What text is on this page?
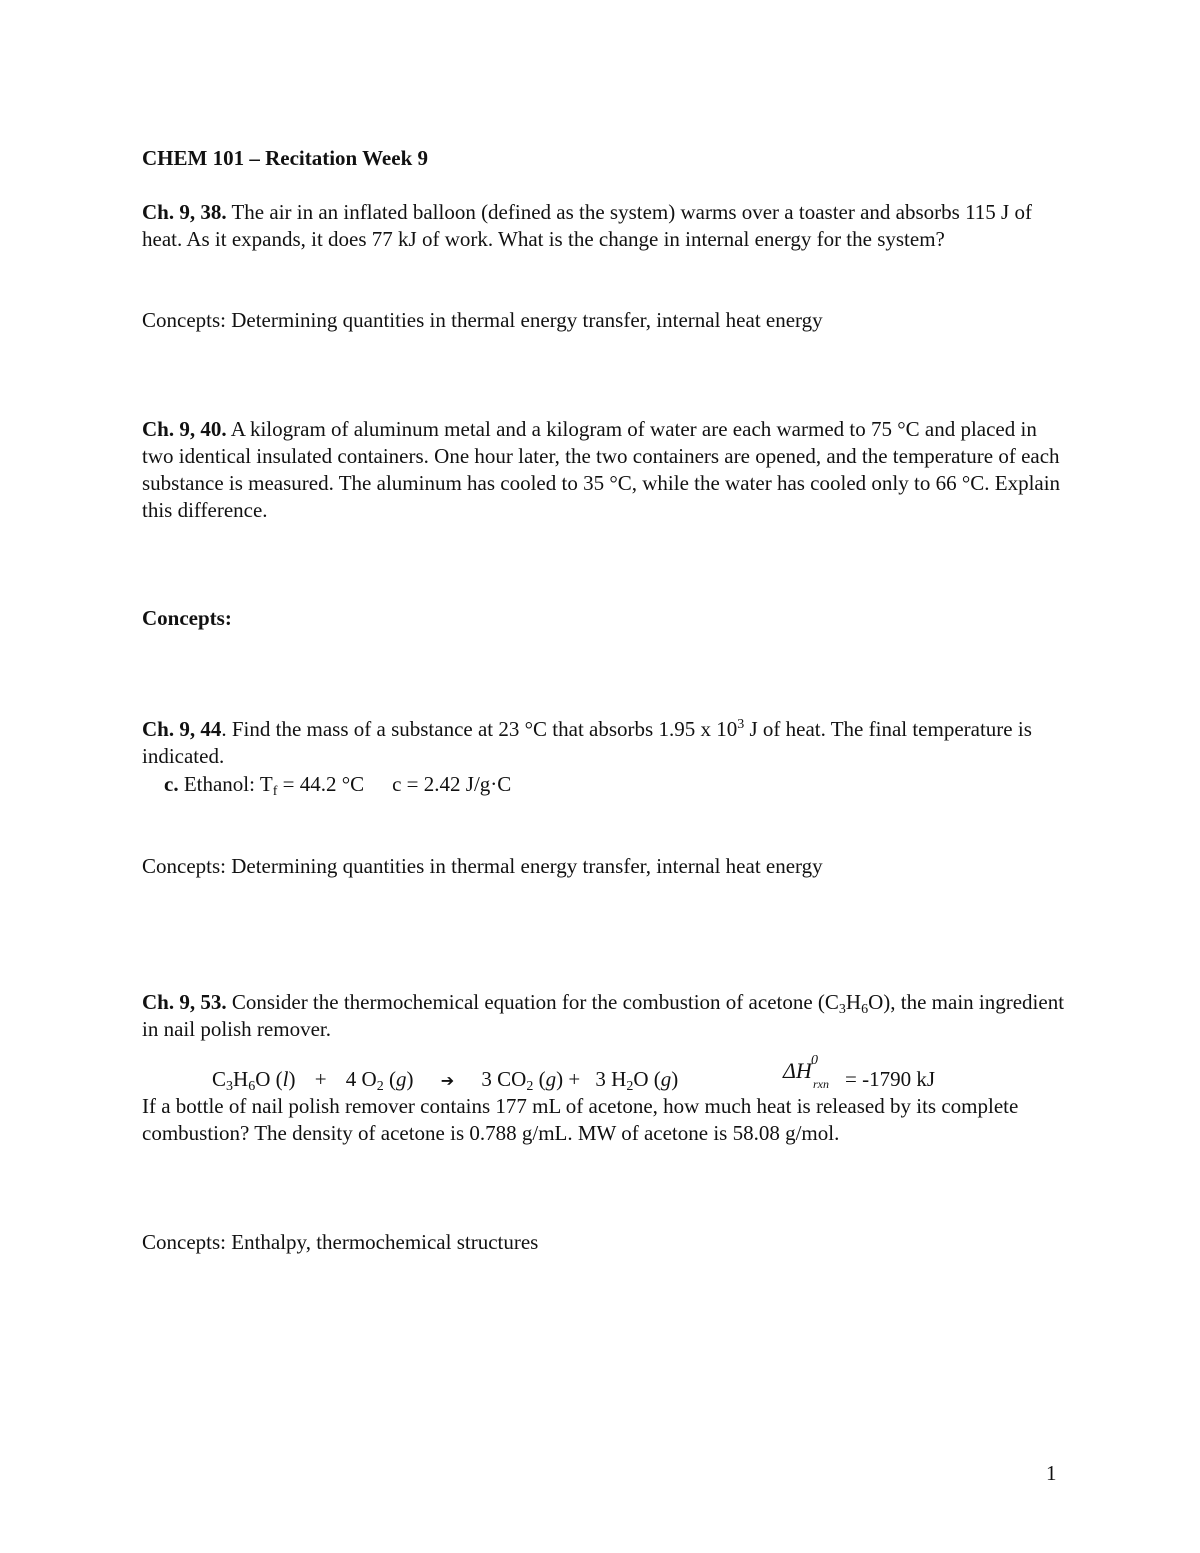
CHEM 101 – Recitation Week 9
Ch. 9, 38. The air in an inflated balloon (defined as the system) warms over a toaster and absorbs 115 J of heat. As it expands, it does 77 kJ of work. What is the change in internal energy for the system?
Concepts: Determining quantities in thermal energy transfer, internal heat energy
Ch. 9, 40. A kilogram of aluminum metal and a kilogram of water are each warmed to 75 °C and placed in two identical insulated containers. One hour later, the two containers are opened, and the temperature of each substance is measured. The aluminum has cooled to 35 °C, while the water has cooled only to 66 °C. Explain this difference.
Concepts:
Ch. 9, 44. Find the mass of a substance at 23 °C that absorbs 1.95 x $10^3$ J of heat. The final temperature is indicated.
c. Ethanol: $T_f = 44.2$ °C c = 2.42 J/g·C
Concepts: Determining quantities in thermal energy transfer, internal heat energy
Ch. 9, 53. Consider the thermochemical equation for the combustion of acetone $(C_3H_6O)$, the main ingredient in nail polish remover.
$C_3H_6O$ (l) + 4 $O_2$ (g) ➔ 3 $CO_2$ (g) + 3 $H_2O$ (g)	ΔH 0
rxn = -1790 kJ
If a bottle of nail polish remover contains 177 mL of acetone, how much heat is released by its complete combustion? The density of acetone is 0.788 g/mL. MW of acetone is 58.08 g/mol.
Concepts: Enthalpy, thermochemical structures
1
